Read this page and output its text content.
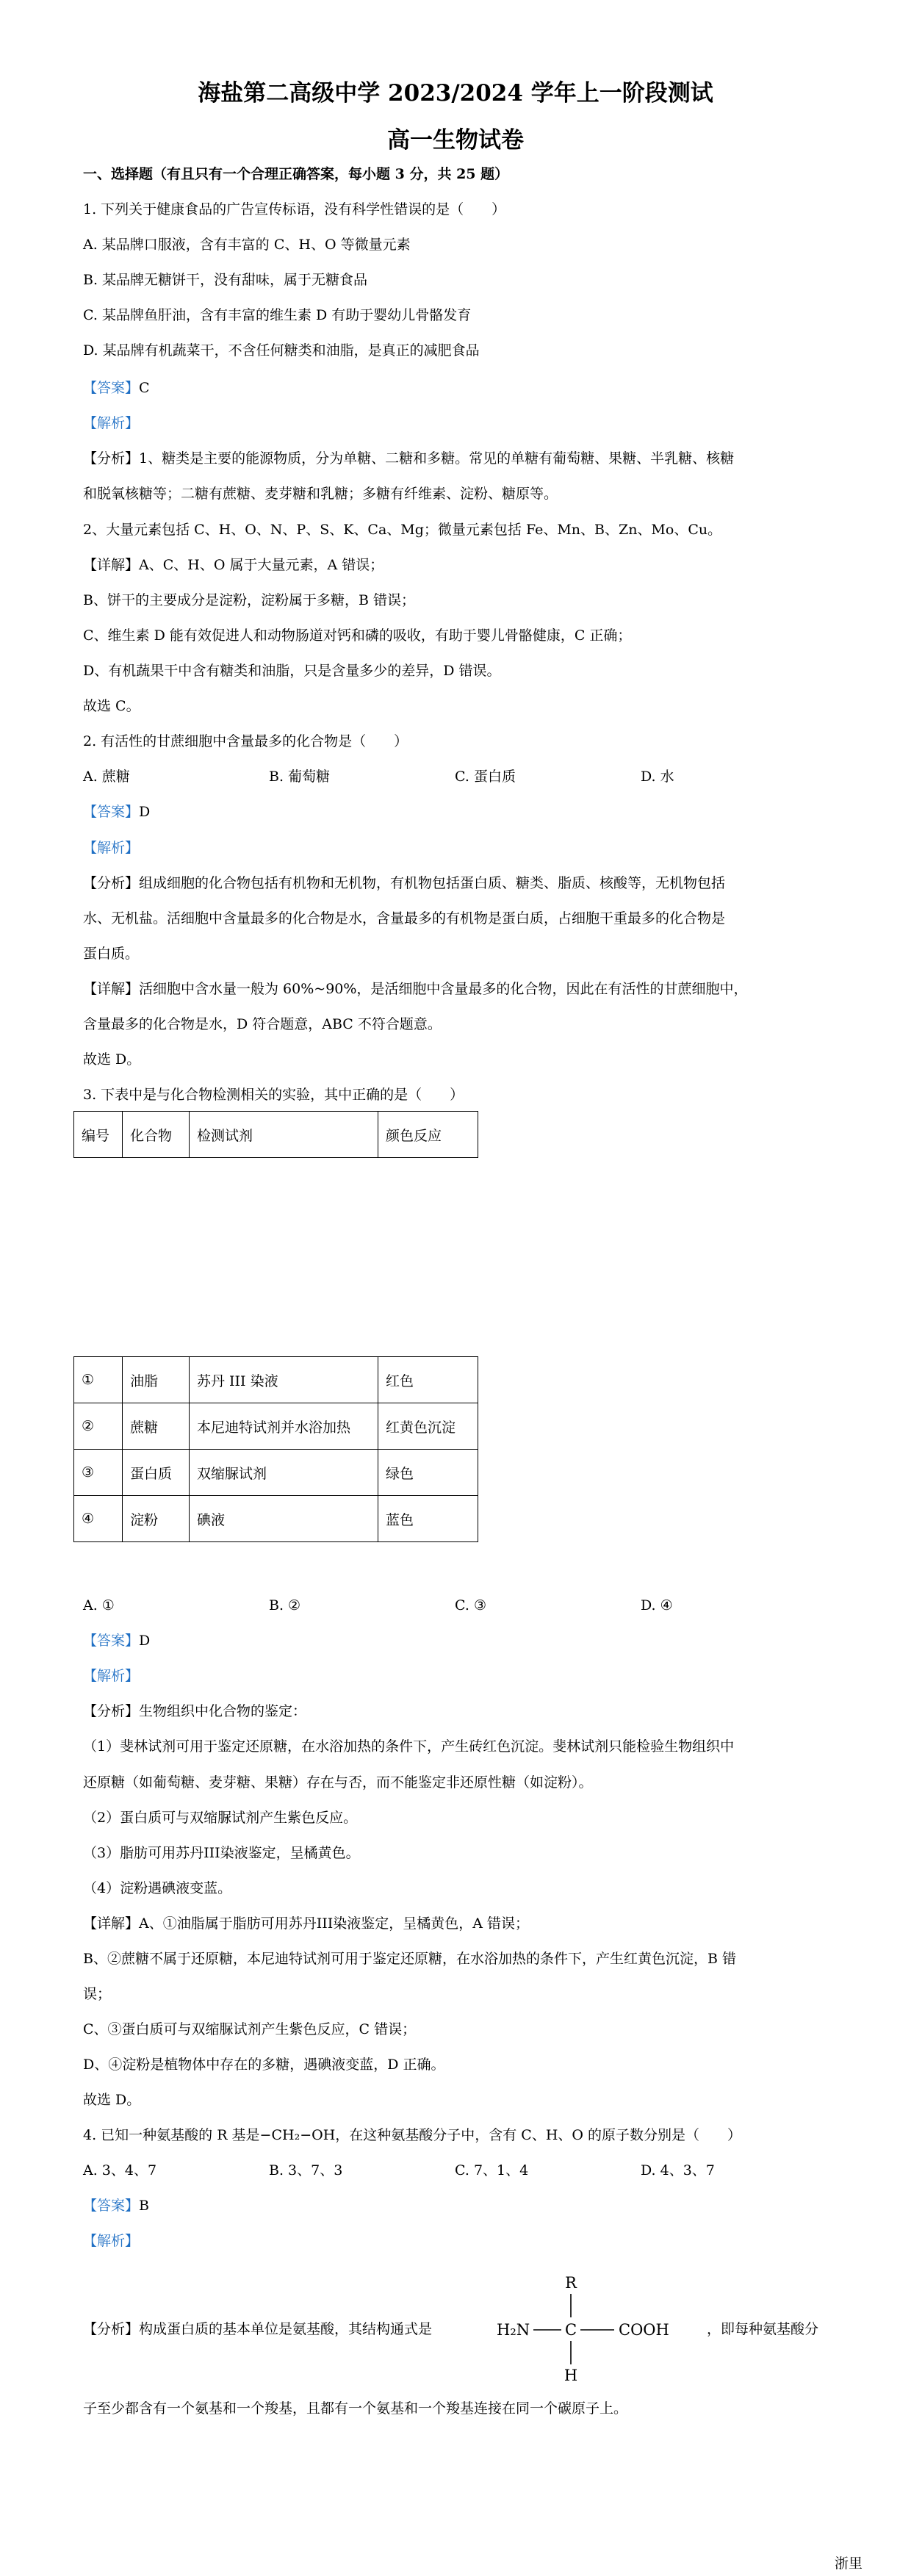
海盐第二高级中学 2023/2024 学年上一阶段测试
高一生物试卷
一、选择题（有且只有一个合理正确答案，每小题 3 分，共 25 题）
1. 下列关于健康食品的广告宣传标语，没有科学性错误的是（　　）
A. 某品牌口服液，含有丰富的 C、H、O 等微量元素
B. 某品牌无糖饼干，没有甜味，属于无糖食品
C. 某品牌鱼肝油，含有丰富的维生素 D 有助于婴幼儿骨骼发育
D. 某品牌有机蔬菜干，不含任何糖类和油脂，是真正的减肥食品
【答案】C
【解析】
【分析】1、糖类是主要的能源物质，分为单糖、二糖和多糖。常见的单糖有葡萄糖、果糖、半乳糖、核糖
和脱氧核糖等；二糖有蔗糖、麦芽糖和乳糖；多糖有纤维素、淀粉、糖原等。
2、大量元素包括 C、H、O、N、P、S、K、Ca、Mg；微量元素包括 Fe、Mn、B、Zn、Mo、Cu。
【详解】A、C、H、O 属于大量元素，A 错误；
B、饼干的主要成分是淀粉，淀粉属于多糖，B 错误；
C、维生素 D 能有效促进人和动物肠道对钙和磷的吸收，有助于婴儿骨骼健康，C 正确；
D、有机蔬果干中含有糖类和油脂，只是含量多少的差异，D 错误。
故选 C。
2. 有活性的甘蔗细胞中含量最多的化合物是（　　）
A. 蔗糖	B. 葡萄糖	C. 蛋白质	D. 水
【答案】D
【解析】
【分析】组成细胞的化合物包括有机物和无机物，有机物包括蛋白质、糖类、脂质、核酸等，无机物包括
水、无机盐。活细胞中含量最多的化合物是水，含量最多的有机物是蛋白质，占细胞干重最多的化合物是
蛋白质。
【详解】活细胞中含水量一般为 60%~90%，是活细胞中含量最多的化合物，因此在有活性的甘蔗细胞中，
含量最多的化合物是水，D 符合题意，ABC 不符合题意。
故选 D。
3. 下表中是与化合物检测相关的实验，其中正确的是（　　）
编号	化合物	检测试剂	颜色反应
①	油脂	苏丹 III 染液	红色
②	蔗糖	本尼迪特试剂并水浴加热	红黄色沉淀
③	蛋白质	双缩脲试剂	绿色
④	淀粉	碘液	蓝色
A. ①	B. ②	C. ③	D. ④
【答案】D
【解析】
【分析】生物组织中化合物的鉴定：
（1）斐林试剂可用于鉴定还原糖，在水浴加热的条件下，产生砖红色沉淀。斐林试剂只能检验生物组织中
还原糖（如葡萄糖、麦芽糖、果糖）存在与否，而不能鉴定非还原性糖（如淀粉）。
（2）蛋白质可与双缩脲试剂产生紫色反应。
（3）脂肪可用苏丹III染液鉴定，呈橘黄色。
（4）淀粉遇碘液变蓝。
【详解】A、①油脂属于脂肪可用苏丹III染液鉴定，呈橘黄色，A 错误；
B、②蔗糖不属于还原糖，本尼迪特试剂可用于鉴定还原糖，在水浴加热的条件下，产生红黄色沉淀，B 错
误；
C、③蛋白质可与双缩脲试剂产生紫色反应，C 错误；
D、④淀粉是植物体中存在的多糖，遇碘液变蓝，D 正确。
故选 D。
4. 已知一种氨基酸的 R 基是−CH₂−OH，在这种氨基酸分子中，含有 C、H、O 的原子数分别是（　　）
A. 3、4、7	B. 3、7、3	C. 7、1、4	D. 4、3、7
【答案】B
【解析】
【分析】构成蛋白质的基本单位是氨基酸，其结构通式是
R
H₂N C	COOH
H
，即每种氨基酸分
子至少都含有一个氨基和一个羧基，且都有一个氨基和一个羧基连接在同一个碳原子上。
浙里
